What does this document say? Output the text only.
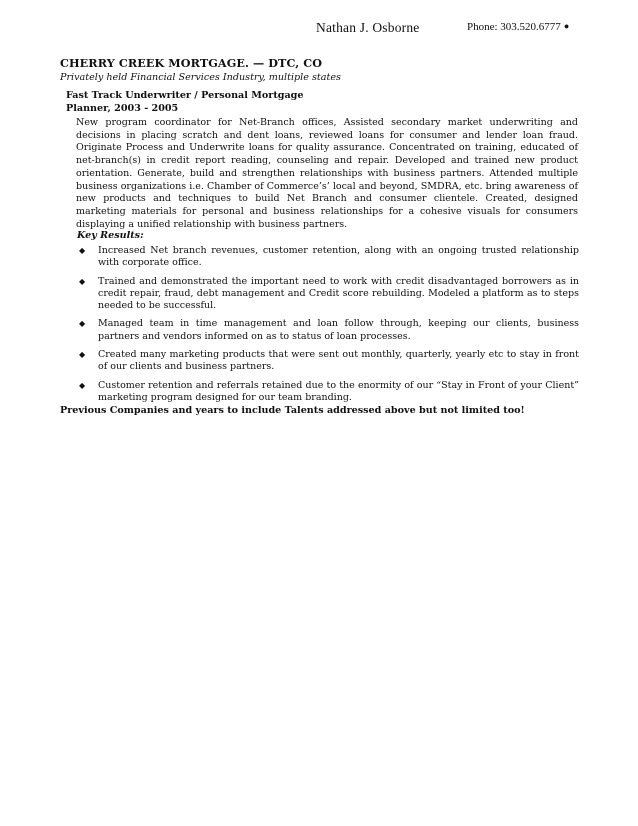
Nathan J. Osborne	Phone: 303.520.6777 ●
CHERRY CREEK MORTGAGE. — DTC, CO
Privately held Financial Services Industry, multiple states
Fast Track Underwriter / Personal Mortgage
Planner, 2003 - 2005
New program coordinator for Net-Branch offices, Assisted secondary market underwriting and decisions in placing scratch and dent loans, reviewed loans for consumer and lender loan fraud. Originate Process and Underwrite loans for quality assurance. Concentrated on training, educated of net-branch(s) in credit report reading, counseling and repair. Developed and trained new product orientation. Generate, build and strengthen relationships with business partners. Attended multiple business organizations i.e. Chamber of Commerce’s’ local and beyond, SMDRA, etc. bring awareness of new products and techniques to build Net Branch and consumer clientele. Created, designed marketing materials for personal and business relationships for a cohesive visuals for consumers displaying a unified relationship with business partners.
Key Results:
◆ Increased Net branch revenues, customer retention, along with an ongoing trusted relationship with corporate office.
◆ Trained and demonstrated the important need to work with credit disadvantaged borrowers as in credit repair, fraud, debt management and Credit score rebuilding. Modeled a platform as to steps needed to be successful.
◆ Managed team in time management and loan follow through, keeping our clients, business partners and vendors informed on as to status of loan processes.
◆ Created many marketing products that were sent out monthly, quarterly, yearly etc to stay in front of our clients and business partners.
◆ Customer retention and referrals retained due to the enormity of our “Stay in Front of your Client” marketing program designed for our team branding.
Previous Companies and years to include Talents addressed above but not limited too!
